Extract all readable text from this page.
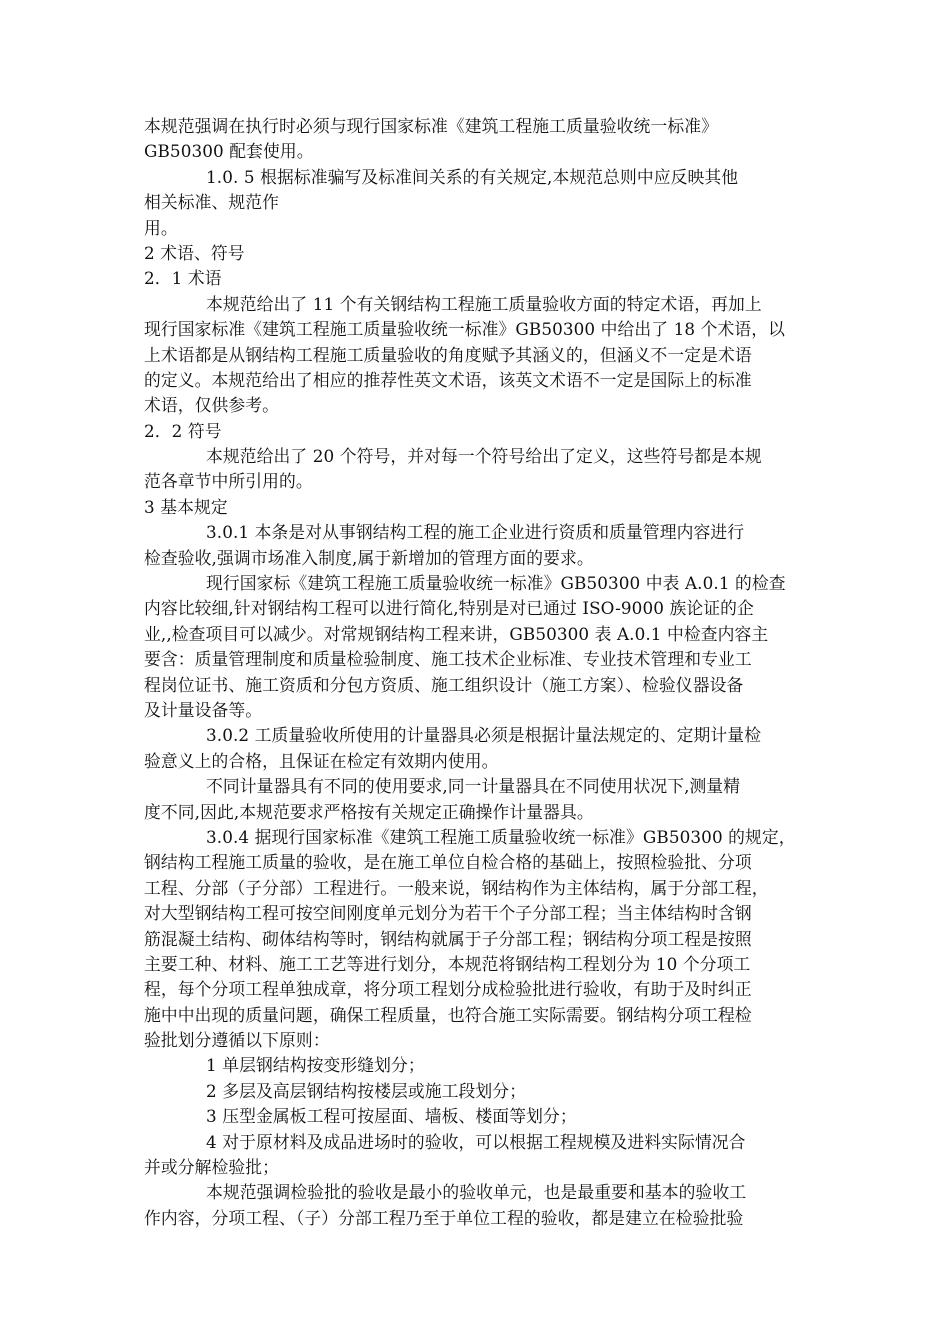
本规范强调在执行时必须与现行国家标准《建筑工程施工质量验收统一标准》
GB50300 配套使用。
1.0. 5 根据标准骗写及标准间关系的有关规定,本规范总则中应反映其他
相关标准、规范作
用。
2 术语、符号
2．1 术语
本规范给出了 11 个有关钢结构工程施工质量验收方面的特定术语，再加上
现行国家标准《建筑工程施工质量验收统一标准》GB50300 中给出了 18 个术语，以
上术语都是从钢结构工程施工质量验收的角度赋予其涵义的，但涵义不一定是术语
的定义。本规范给出了相应的推荐性英文术语，该英文术语不一定是国际上的标准
术语，仅供参考。
2．2 符号
本规范给出了 20 个符号，并对每一个符号给出了定义，这些符号都是本规
范各章节中所引用的。
3 基本规定
3.0.1 本条是对从事钢结构工程的施工企业进行资质和质量管理内容进行
检查验收,强调市场准入制度,属于新增加的管理方面的要求。
现行国家标《建筑工程施工质量验收统一标准》GB50300 中表 A.0.1 的检查
内容比较细,针对钢结构工程可以进行简化,特别是对已通过 ISO-9000 族论证的企
业,,检查项目可以减少。对常规钢结构工程来讲，GB50300 表 A.0.1 中检查内容主
要含：质量管理制度和质量检验制度、施工技术企业标准、专业技术管理和专业工
程岗位证书、施工资质和分包方资质、施工组织设计（施工方案）、检验仪器设备
及计量设备等。
3.0.2 工质量验收所使用的计量器具必须是根据计量法规定的、定期计量检
验意义上的合格，且保证在检定有效期内使用。
不同计量器具有不同的使用要求,同一计量器具在不同使用状况下,测量精
度不同,因此,本规范要求严格按有关规定正确操作计量器具。
3.0.4 据现行国家标准《建筑工程施工质量验收统一标准》GB50300 的规定，
钢结构工程施工质量的验收，是在施工单位自检合格的基础上，按照检验批、分项
工程、分部（子分部）工程进行。一般来说，钢结构作为主体结构，属于分部工程，
对大型钢结构工程可按空间刚度单元划分为若干个子分部工程；当主体结构时含钢
筋混凝土结构、砌体结构等时，钢结构就属于子分部工程；钢结构分项工程是按照
主要工种、材料、施工工艺等进行划分，本规范将钢结构工程划分为 10 个分项工
程，每个分项工程单独成章，将分项工程划分成检验批进行验收，有助于及时纠正
施中中出现的质量问题，确保工程质量，也符合施工实际需要。钢结构分项工程检
验批划分遵循以下原则：
1 单层钢结构按变形缝划分；
2 多层及高层钢结构按楼层或施工段划分；
3 压型金属板工程可按屋面、墙板、楼面等划分；
4 对于原材料及成品进场时的验收，可以根据工程规模及进料实际情况合
并或分解检验批；
本规范强调检验批的验收是最小的验收单元，也是最重要和基本的验收工
作内容，分项工程、（子）分部工程乃至于单位工程的验收，都是建立在检验批验
